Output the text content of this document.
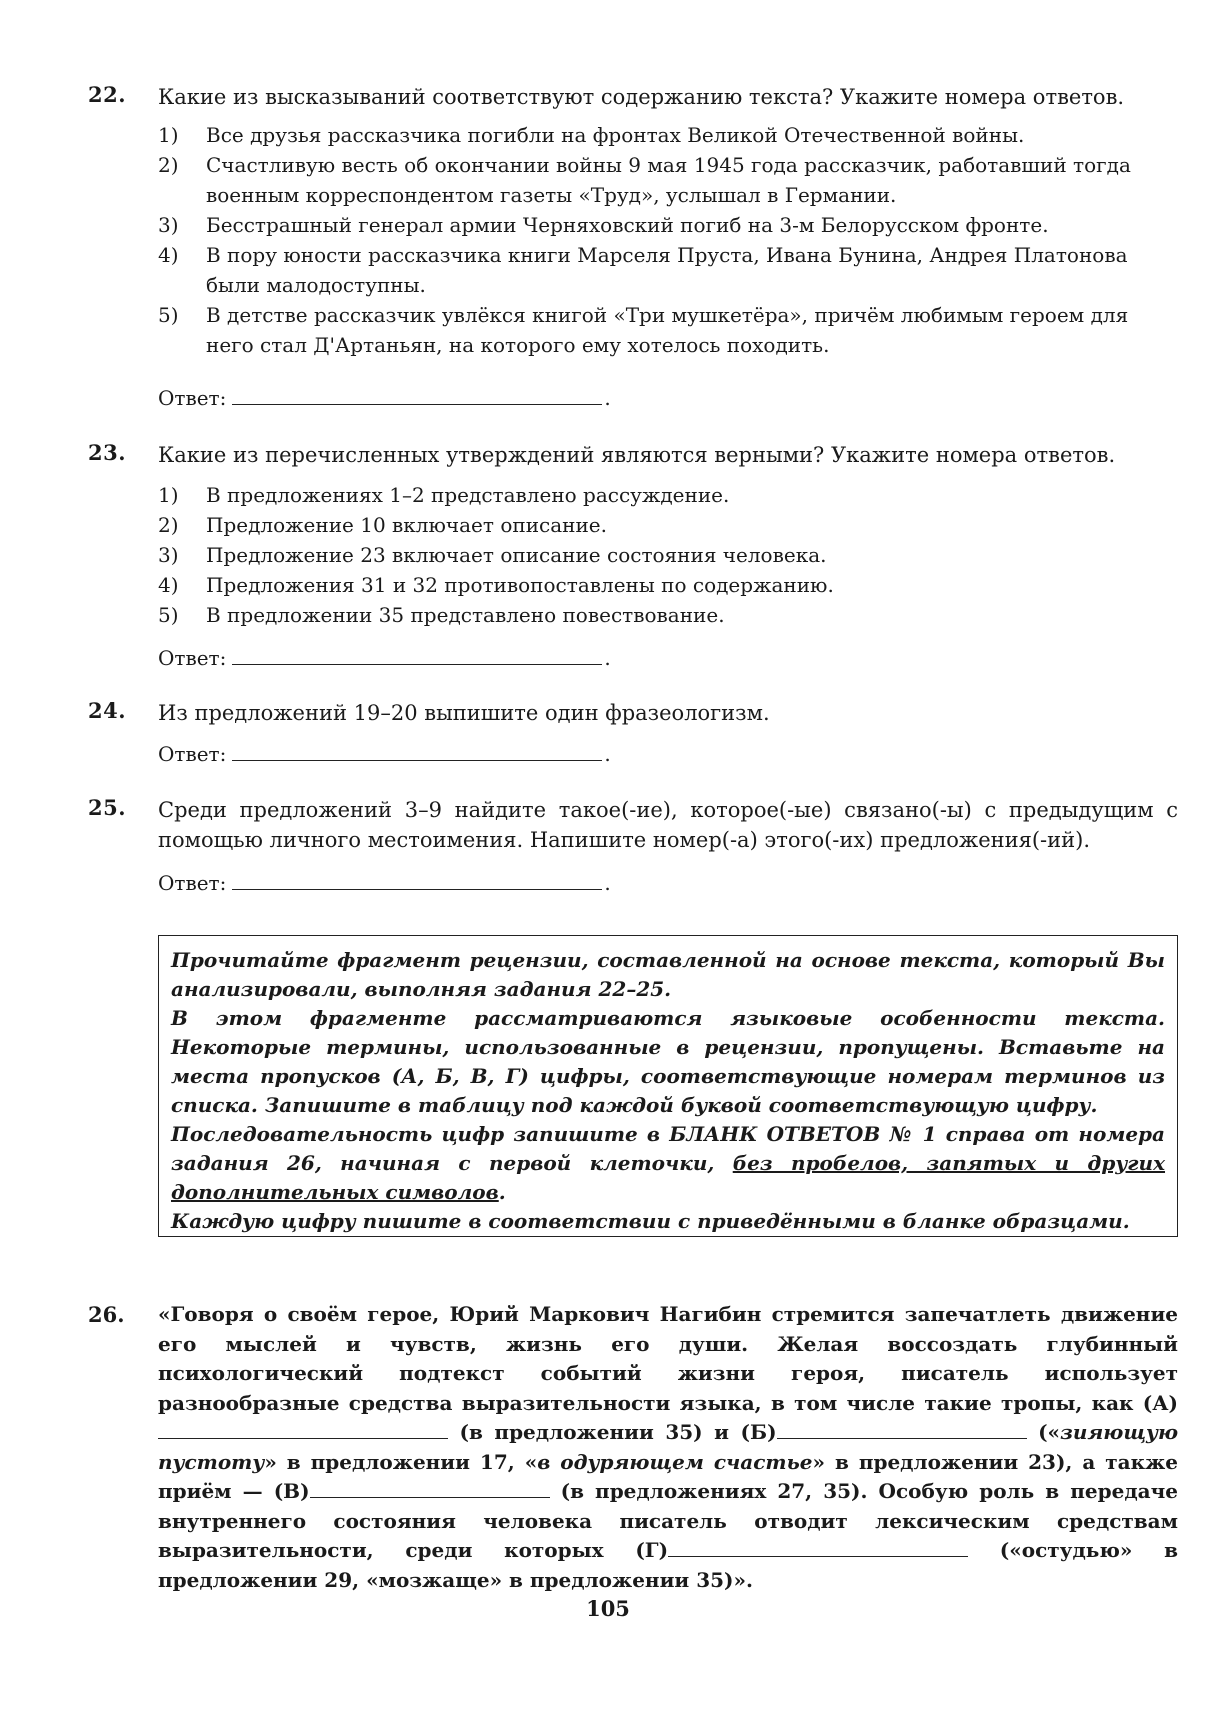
22. Какие из высказываний соответствуют содержанию текста? Укажите номера ответов.
1) Все друзья рассказчика погибли на фронтах Великой Отечественной войны.
2) Счастливую весть об окончании войны 9 мая 1945 года рассказчик, работавший тогда военным корреспондентом газеты «Труд», услышал в Германии.
3) Бесстрашный генерал армии Черняховский погиб на 3-м Белорусском фронте.
4) В пору юности рассказчика книги Марселя Пруста, Ивана Бунина, Андрея Платонова были малодоступны.
5) В детстве рассказчик увлёкся книгой «Три мушкетёра», причём любимым героем для него стал Д'Артаньян, на которого ему хотелось походить.
Ответ:	.
23. Какие из перечисленных утверждений являются верными? Укажите номера ответов.
1) В предложениях 1–2 представлено рассуждение.
2) Предложение 10 включает описание.
3) Предложение 23 включает описание состояния человека.
4) Предложения 31 и 32 противопоставлены по содержанию.
5) В предложении 35 представлено повествование.
Ответ:	.
24. Из предложений 19–20 выпишите один фразеологизм.
Ответ:	.
25. Среди предложений 3–9 найдите такое(-ие), которое(-ые) связано(-ы) с предыдущим с помощью личного местоимения. Напишите номер(-а) этого(-их) предложения(-ий).
Ответ:	.

Прочитайте фрагмент рецензии, составленной на основе текста, который Вы анализировали, выполняя задания 22–25.

В этом фрагменте рассматриваются языковые особенности текста. Некоторые термины, использованные в рецензии, пропущены. Вставьте на места пропусков (А, Б, В, Г) цифры, соответствующие номерам терминов из списка. Запишите в таблицу под каждой буквой соответствующую цифру.

Последовательность цифр запишите в БЛАНК ОТВЕТОВ № 1 справа от номера задания 26, начиная с первой клеточки, без пробелов, запятых и других дополнительных символов.

Каждую цифру пишите в соответствии с приведёнными в бланке образцами.

26. «Говоря о своём герое, Юрий Маркович Нагибин стремится запечатлеть движение его мыслей и чувств, жизнь его души. Желая воссоздать глубинный психологический подтекст событий жизни героя, писатель использует разнообразные средства выразительности языка, в том числе такие тропы, как (А) (в предложении 35) и (Б)	(«зияющую пустоту» в предложении 17, «в одуряющем счастье» в предложении 23), а также приём — (В)	(в предложениях 27, 35). Особую роль в передаче внутреннего состояния человека писатель отводит лексическим средствам выразительности, среди которых (Г)	(«остудью» в предложении 29, «мозжаще» в предложении 35)».
105
